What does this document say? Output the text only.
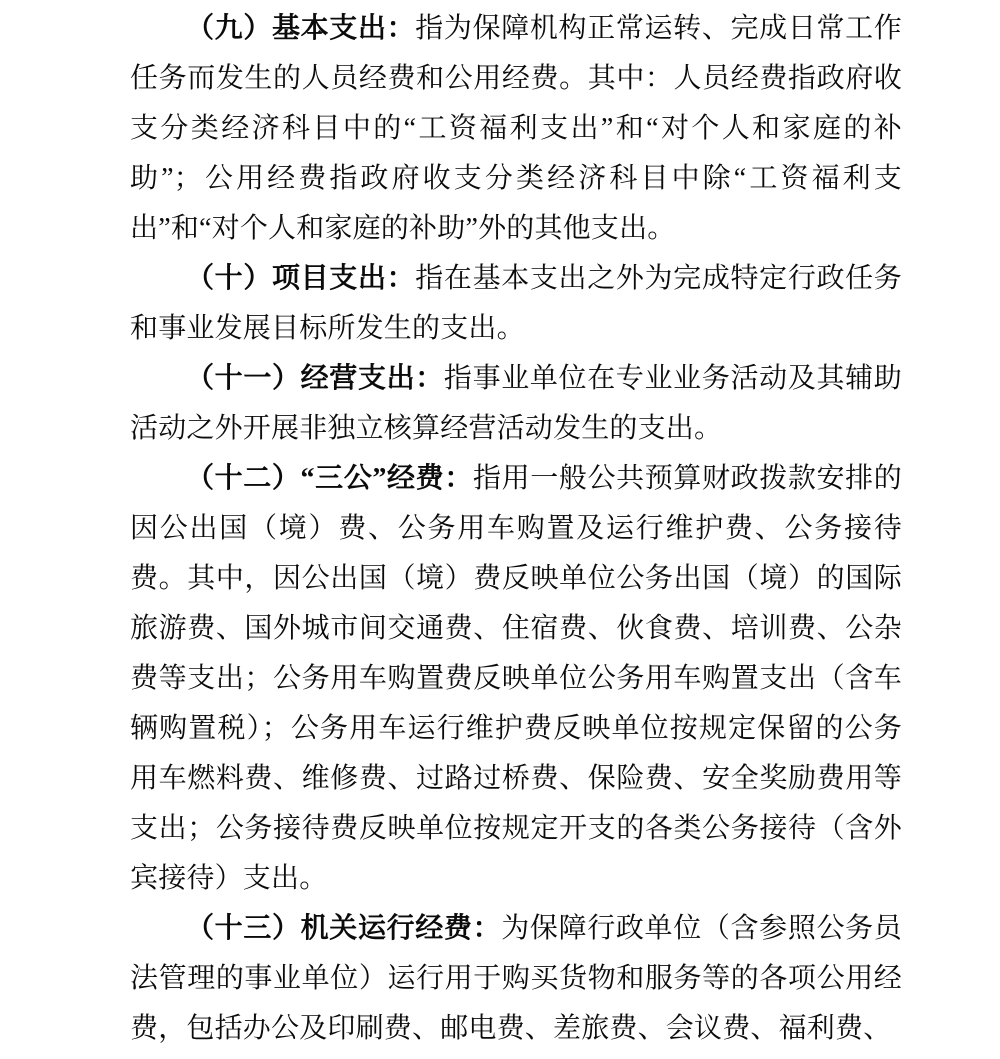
（九）基本支出：指为保障机构正常运转、完成日常工作任务而发生的人员经费和公用经费。其中：人员经费指政府收支分类经济科目中的“工资福利支出”和“对个人和家庭的补助”；公用经费指政府收支分类经济科目中除“工资福利支出”和“对个人和家庭的补助”外的其他支出。

（十）项目支出：指在基本支出之外为完成特定行政任务和事业发展目标所发生的支出。

（十一）经营支出：指事业单位在专业业务活动及其辅助活动之外开展非独立核算经营活动发生的支出。

（十二）“三公”经费：指用一般公共预算财政拨款安排的因公出国（境）费、公务用车购置及运行维护费、公务接待费。其中，因公出国（境）费反映单位公务出国（境）的国际旅游费、国外城市间交通费、住宿费、伙食费、培训费、公杂费等支出；公务用车购置费反映单位公务用车购置支出（含车辆购置税）；公务用车运行维护费反映单位按规定保留的公务用车燃料费、维修费、过路过桥费、保险费、安全奖励费用等支出；公务接待费反映单位按规定开支的各类公务接待（含外宾接待）支出。

（十三）机关运行经费：为保障行政单位（含参照公务员法管理的事业单位）运行用于购买货物和服务等的各项公用经费，包括办公及印刷费、邮电费、差旅费、会议费、福利费、
